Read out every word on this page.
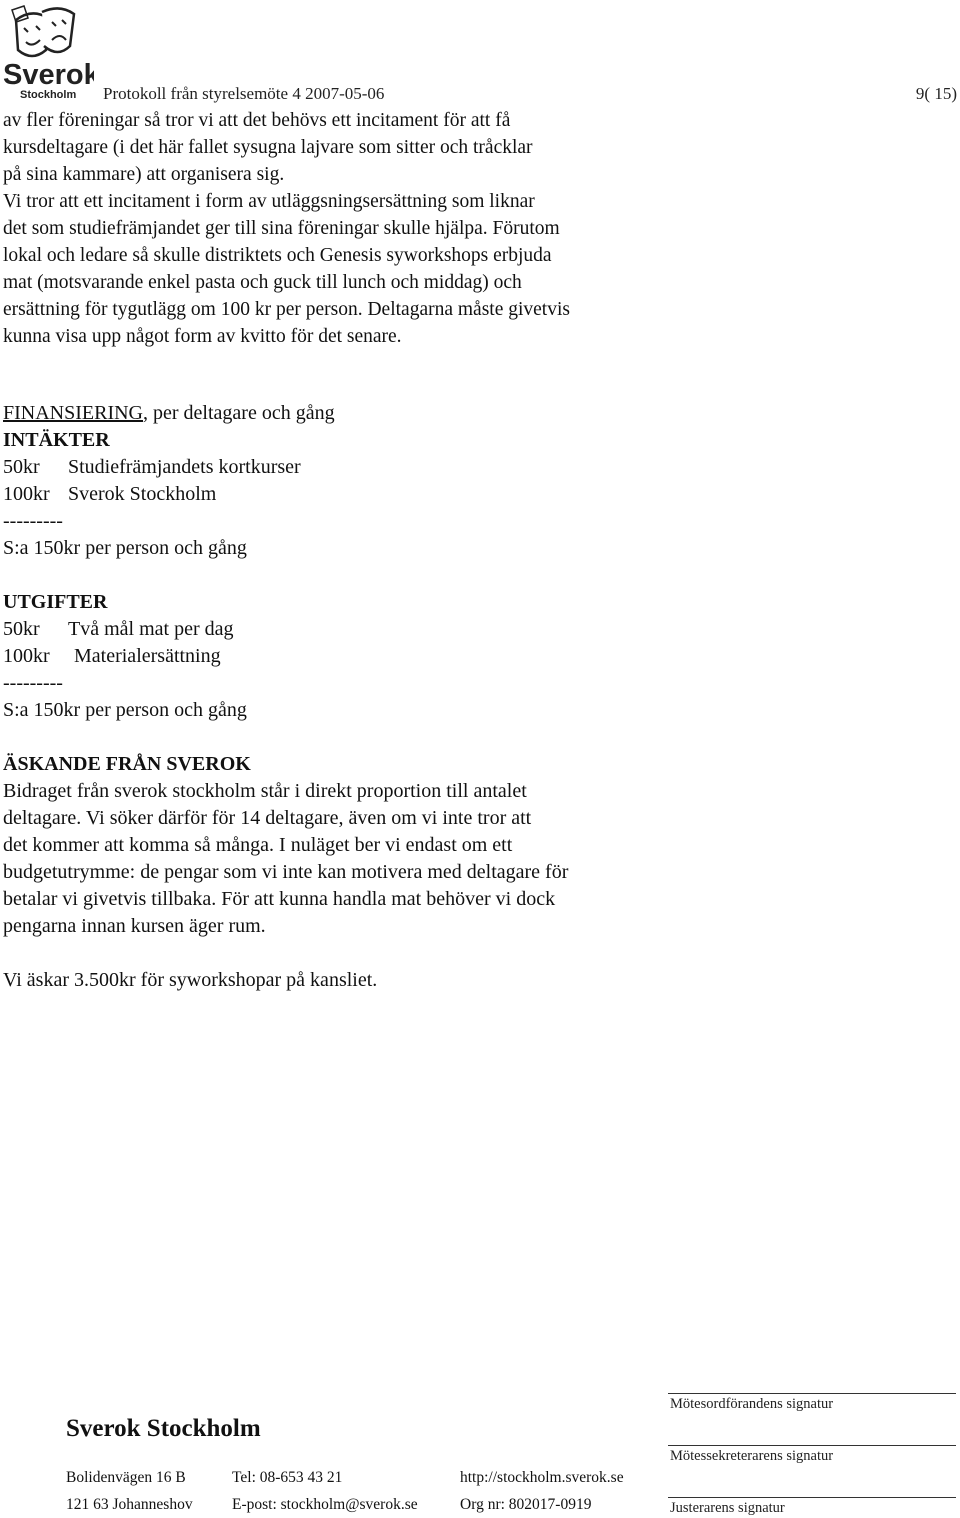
Sverok
Stockholm Protokoll från styrelsemöte 4 2007-05-06	9( 15)
av fler föreningar så tror vi att det behövs ett incitament för att få
kursdeltagare (i det här fallet sysugna lajvare som sitter och tråcklar
på sina kammare) att organisera sig.
Vi tror att ett incitament i form av utläggsningsersättning som liknar
det som studiefrämjandet ger till sina föreningar skulle hjälpa. Förutom
lokal och ledare så skulle distriktets och Genesis syworkshops erbjuda
mat (motsvarande enkel pasta och guck till lunch och middag) och
ersättning för tygutlägg om 100 kr per person. Deltagarna måste givetvis
kunna visa upp något form av kvitto för det senare.
FINANSIERING, per deltagare och gång
INTÄKTER
50kr Studiefrämjandets kortkurser
100kr Sverok Stockholm
---------
S:a 150kr per person och gång
UTGIFTER
50kr Två mål mat per dag
100kr Materialersättning
---------
S:a 150kr per person och gång
ÄSKANDE FRÅN SVEROK
Bidraget från sverok stockholm står i direkt proportion till antalet
deltagare. Vi söker därför för 14 deltagare, även om vi inte tror att
det kommer att komma så många. I nuläget ber vi endast om ett
budgetutrymme: de pengar som vi inte kan motivera med deltagare för
betalar vi givetvis tillbaka. För att kunna handla mat behöver vi dock
pengarna innan kursen äger rum.
Vi äskar 3.500kr för syworkshopar på kansliet.
Sverok Stockholm
Bolidenvägen 16 B
121 63 Johanneshov
Tel: 08-653 43 21
E-post: stockholm@sverok.se
http://stockholm.sverok.se
Org nr: 802017-0919
Mötesordförandens signatur
Mötessekreterarens signatur
Justerarens signatur
